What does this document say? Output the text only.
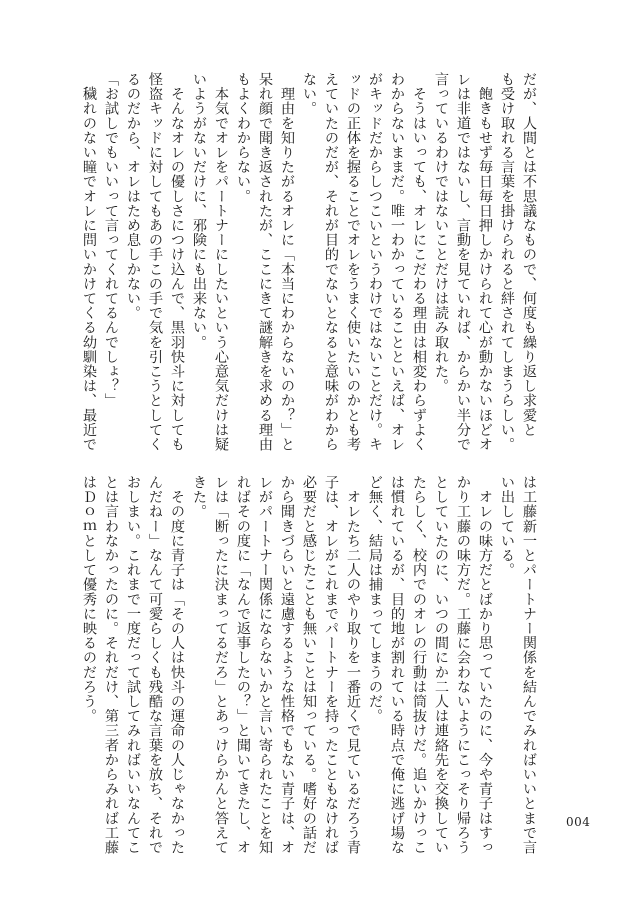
だが、人間とは不思議なもので、何度も繰り返し求愛と

も受け取れる言葉を掛けられると絆されてしまうらしい。

　飽きもせず毎日毎日押しかけられて心が動かないほどオ

レは非道ではないし、言動を見ていれば、からかい半分で

言っているわけではないことだけは読み取れた。

　そうはいっても、オレにこだわる理由は相変わらずよく

わからないままだ。唯一わかっていることといえば、オレ

がキッドだからしつこいというわけではないことだけ。キ

ッドの正体を握ることでオレをうまく使いたいのかとも考

えていたのだが、それが目的でないとなると意味がわから

ない。

　理由を知りたがるオレに「本当にわからないのか？」と

呆れ顔で聞き返されたが、ここにきて謎解きを求める理由

もよくわからない。

　本気でオレをパートナーにしたいという心意気だけは疑

いようがないだけに、邪険にも出来ない。

　そんなオレの優しさにつけ込んで、黒羽快斗に対しても

怪盗キッドに対してもあの手この手で気を引こうとしてく

るのだから、オレはため息しかない。

「お試しでもいいって言ってくれてるんでしょ？」

　穢れのない瞳でオレに問いかけてくる幼馴染は、最近で

は工藤新一とパートナー関係を結んでみればいいとまで言

い出している。

　オレの味方だとばかり思っていたのに、今や青子はすっ

かり工藤の味方だ。工藤に会わないようにこっそり帰ろう

としていたのに、いつの間にか二人は連絡先を交換してい

たらしく、校内でのオレの行動は筒抜けだ。追いかけっこ

は慣れているが、目的地が割れている時点で俺に逃げ場な

ど無く、結局は捕まってしまうのだ。

　オレたち二人のやり取りを一番近くで見ているだろう青

子は、オレがこれまでパートナーを持ったこともなければ

必要だと感じたことも無いことは知っている。嗜好の話だ

から聞きづらいと遠慮するような性格でもない青子は、オ

レがパートナー関係にならないかと言い寄られたことを知

ればその度に「なんで返事したの？」と聞いてきたし、オ

レは「断ったに決まってるだろ」とあっけらかんと答えて

きた。

　その度に青子は「その人は快斗の運命の人じゃなかった

んだねー」なんて可愛らしくも残酷な言葉を放ち、それで

おしまい。これまで一度だって試してみればいいなんてこ

とは言わなかったのに。それだけ、第三者からみれば工藤

はＤｏｍとして優秀に映るのだろう。

004
